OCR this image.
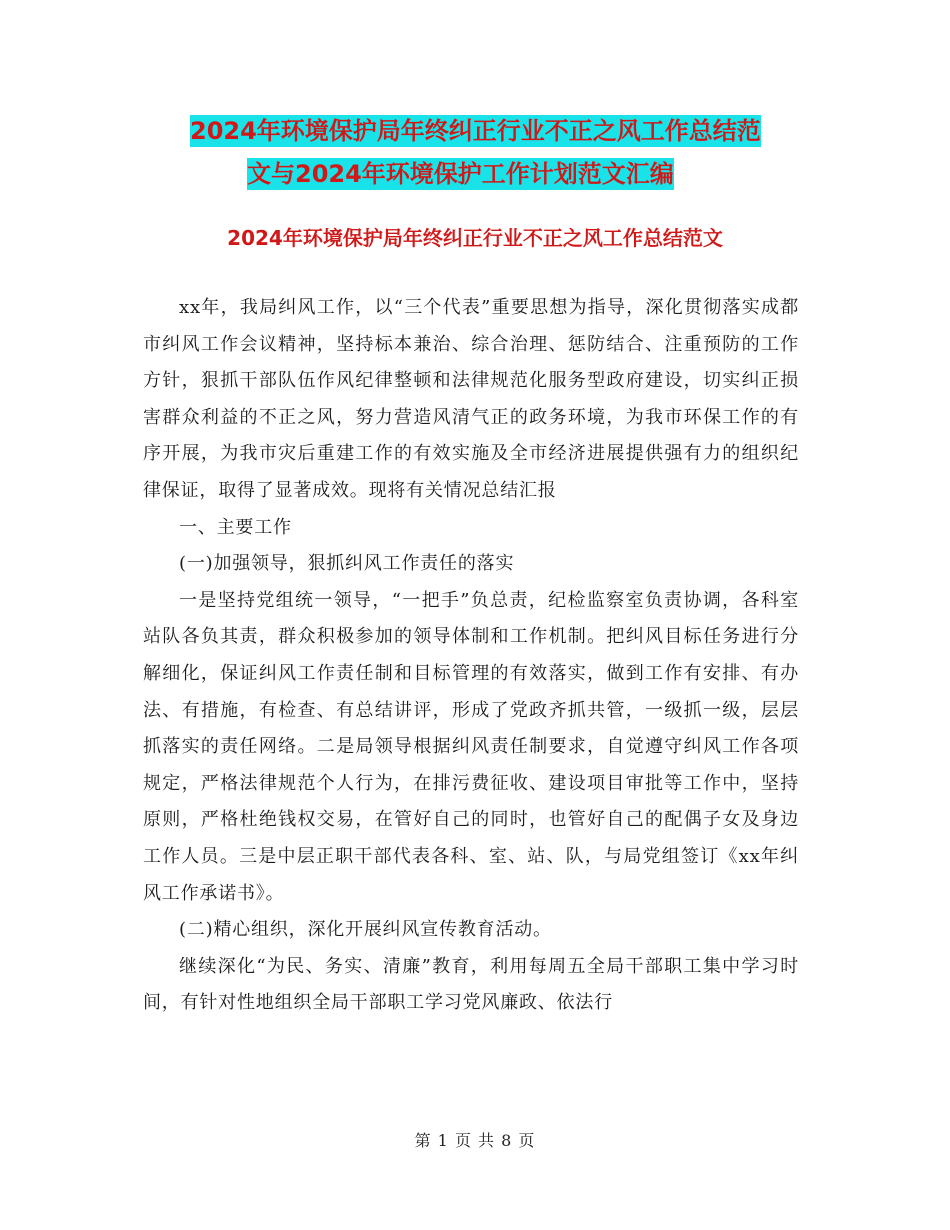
2024年环境保护局年终纠正行业不正之风工作总结范
文与2024年环境保护工作计划范文汇编
2024年环境保护局年终纠正行业不正之风工作总结范文

xx年，我局纠风工作，以“三个代表”重要思想为指导，深化贯彻落实成都市纠风工作会议精神，坚持标本兼治、综合治理、惩防结合、注重预防的工作方针，狠抓干部队伍作风纪律整顿和法律规范化服务型政府建设，切实纠正损害群众利益的不正之风，努力营造风清气正的政务环境，为我市环保工作的有序开展，为我市灾后重建工作的有效实施及全市经济进展提供强有力的组织纪律保证，取得了显著成效。现将有关情况总结汇报

一、主要工作

(一)加强领导，狠抓纠风工作责任的落实

一是坚持党组统一领导，“一把手”负总责，纪检监察室负责协调，各科室站队各负其责，群众积极参加的领导体制和工作机制。把纠风目标任务进行分解细化，保证纠风工作责任制和目标管理的有效落实，做到工作有安排、有办法、有措施，有检查、有总结讲评，形成了党政齐抓共管，一级抓一级，层层抓落实的责任网络。二是局领导根据纠风责任制要求，自觉遵守纠风工作各项规定，严格法律规范个人行为，在排污费征收、建设项目审批等工作中，坚持原则，严格杜绝钱权交易，在管好自己的同时，也管好自己的配偶子女及身边工作人员。三是中层正职干部代表各科、室、站、队，与局党组签订《xx年纠风工作承诺书》。

(二)精心组织，深化开展纠风宣传教育活动。

继续深化“为民、务实、清廉”教育，利用每周五全局干部职工集中学习时间，有针对性地组织全局干部职工学习党风廉政、依法行

第 1 页 共 8 页
